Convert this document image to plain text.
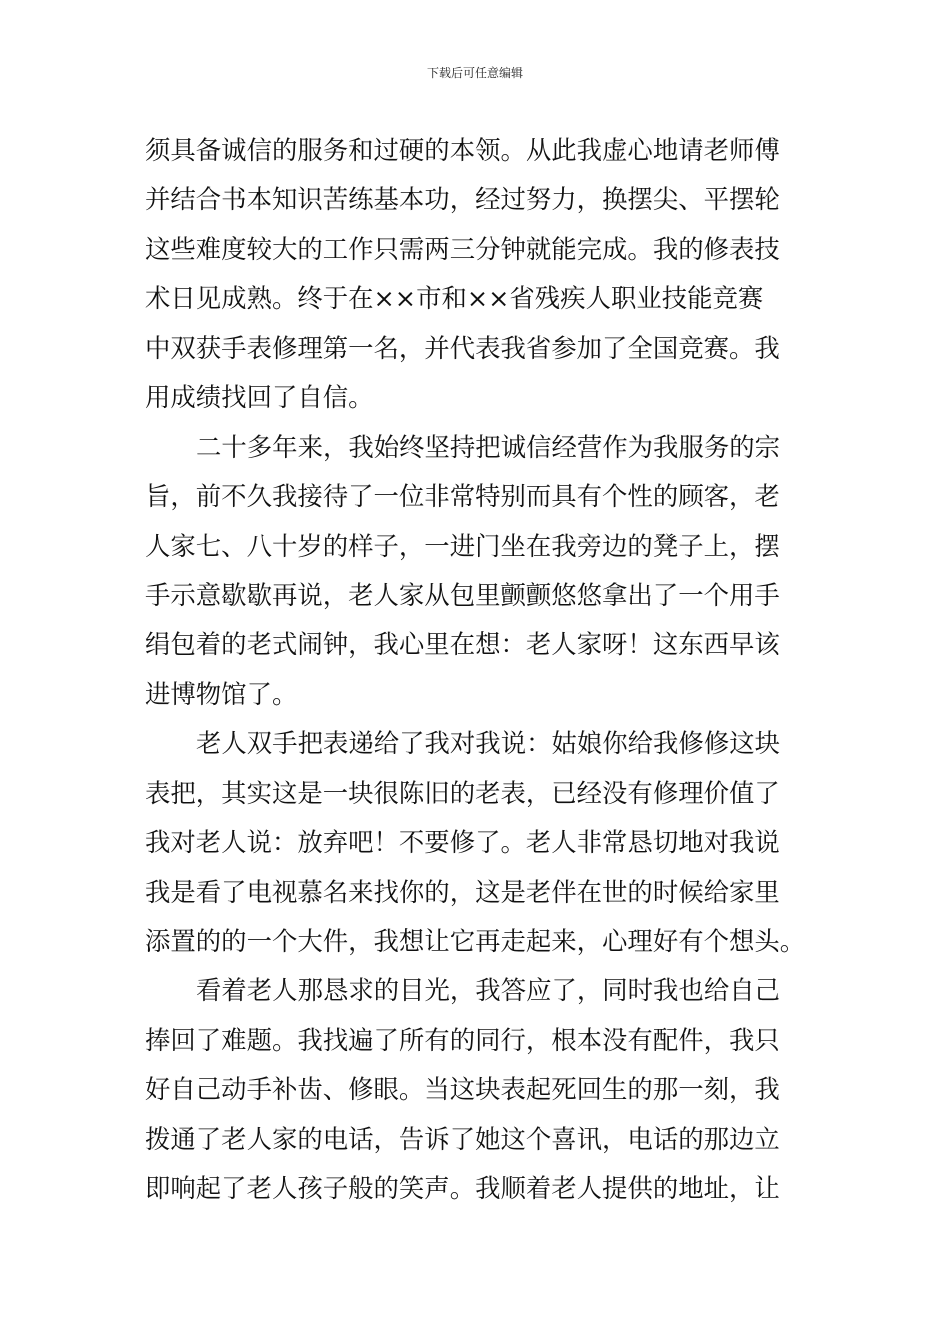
下载后可任意编辑
须具备诚信的服务和过硬的本领。从此我虚心地请老师傅
并结合书本知识苦练基本功，经过努力，换摆尖、平摆轮
这些难度较大的工作只需两三分钟就能完成。我的修表技
术日见成熟。终于在××市和××省残疾人职业技能竞赛
中双获手表修理第一名，并代表我省参加了全国竞赛。我
用成绩找回了自信。
二十多年来，我始终坚持把诚信经营作为我服务的宗
旨，前不久我接待了一位非常特别而具有个性的顾客，老
人家七、八十岁的样子，一进门坐在我旁边的凳子上，摆
手示意歇歇再说，老人家从包里颤颤悠悠拿出了一个用手
绢包着的老式闹钟，我心里在想：老人家呀！这东西早该
进博物馆了。
老人双手把表递给了我对我说：姑娘你给我修修这块
表把，其实这是一块很陈旧的老表，已经没有修理价值了
我对老人说：放弃吧！不要修了。老人非常恳切地对我说
我是看了电视慕名来找你的，这是老伴在世的时候给家里
添置的的一个大件，我想让它再走起来，心理好有个想头。
看着老人那恳求的目光，我答应了，同时我也给自己
捧回了难题。我找遍了所有的同行，根本没有配件，我只
好自己动手补齿、修眼。当这块表起死回生的那一刻，我
拨通了老人家的电话，告诉了她这个喜讯，电话的那边立
即响起了老人孩子般的笑声。我顺着老人提供的地址，让
